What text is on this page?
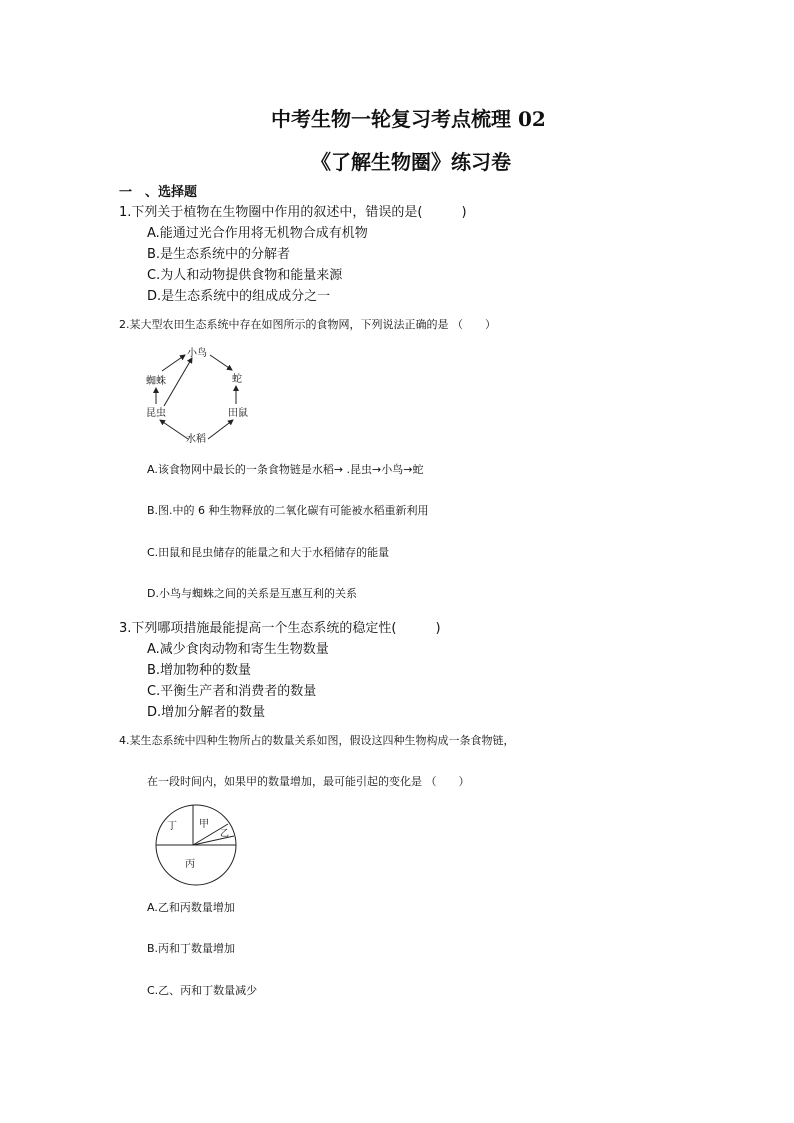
中考生物一轮复习考点梳理 02
《了解生物圈》练习卷
一　、选择题
1.下列关于植物在生物圈中作用的叙述中，错误的是(　　　)
A.能通过光合作用将无机物合成有机物
B.是生态系统中的分解者
C.为人和动物提供食物和能量来源
D.是生态系统中的组成成分之一
2.某大型农田生态系统中存在如图所示的食物网，下列说法正确的是 （　　）
小鸟
蜘蛛	蛇
昆虫	田鼠
水稻
A.该食物网中最长的一条食物链是水稻→ .昆虫→小鸟→蛇
B.图.中的 6 种生物释放的二氧化碳有可能被水稻重新利用
C.田鼠和昆虫储存的能量之和大于水稻储存的能量
D.小鸟与蜘蛛之间的关系是互惠互利的关系
3.下列哪项措施最能提高一个生态系统的稳定性(　　　)
A.减少食肉动物和寄生生物数量
B.增加物种的数量
C.平衡生产者和消费者的数量
D.增加分解者的数量
4.某生态系统中四种生物所占的数量关系如图，假设这四种生物构成一条食物链，
在一段时间内，如果甲的数量增加，最可能引起的变化是 （　　）
丁 甲
乙
丙
A.乙和丙数量增加
B.丙和丁数量增加
C.乙、丙和丁数量减少
